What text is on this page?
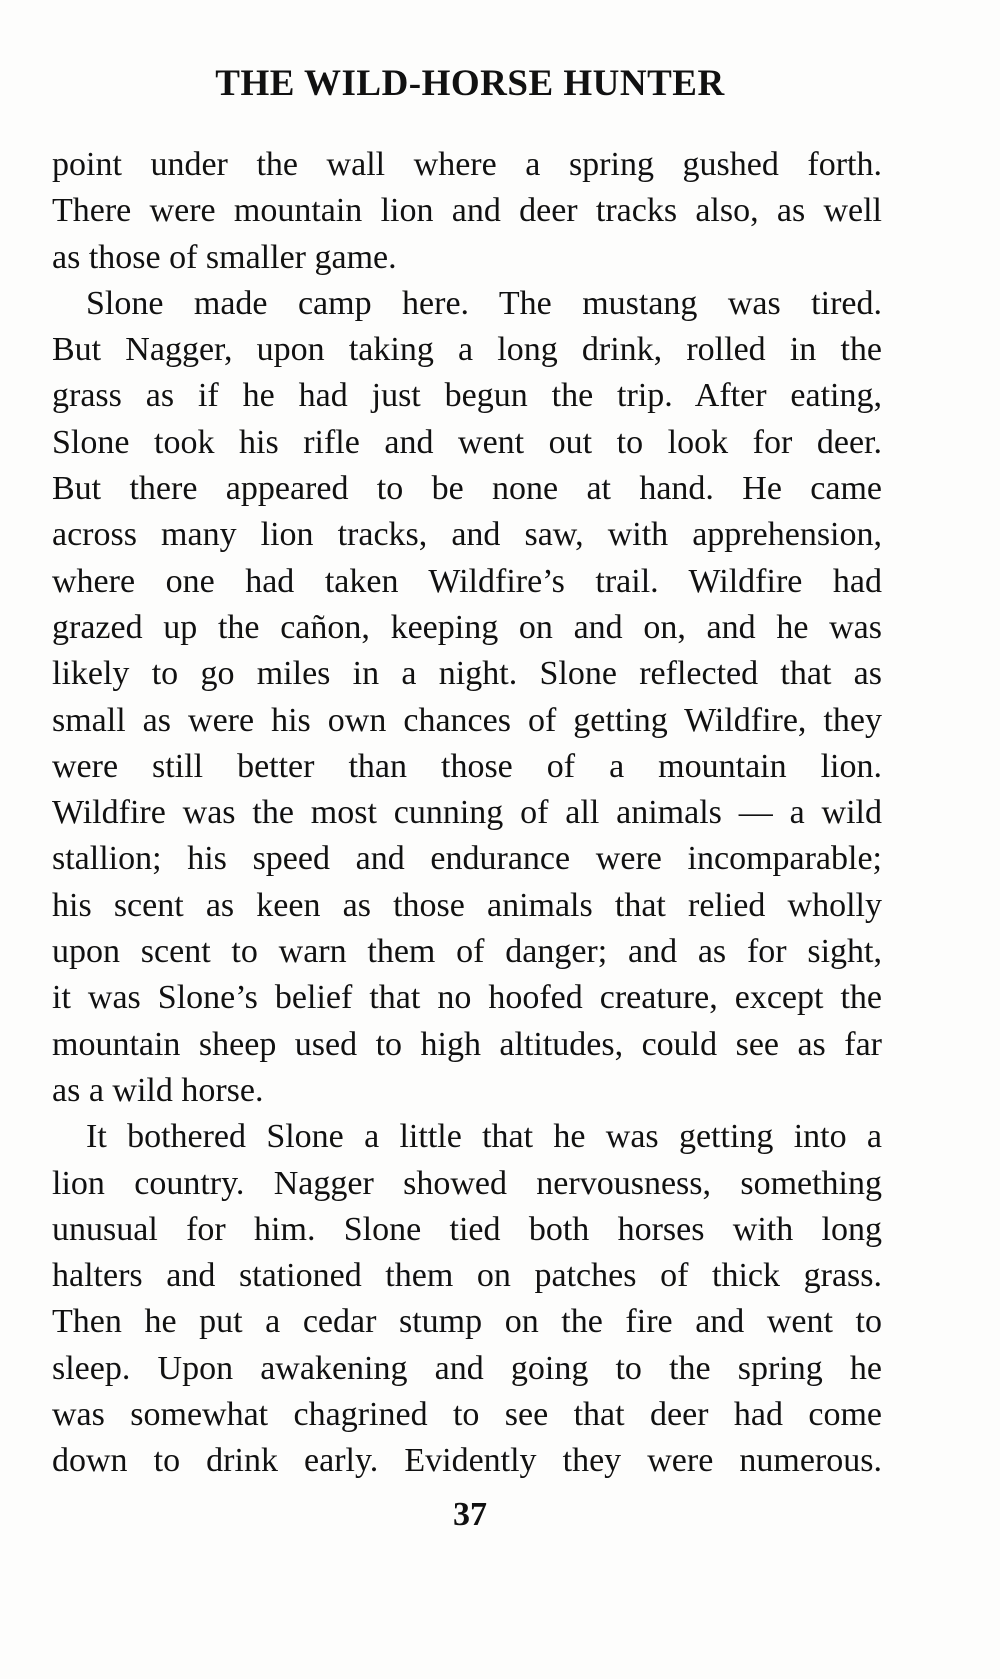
THE WILD-HORSE HUNTER

point under the wall where a spring gushed forth.

There were mountain lion and deer tracks also, as well

as those of smaller game.

Slone made camp here. The mustang was tired.

But Nagger, upon taking a long drink, rolled in the

grass as if he had just begun the trip. After eating,

Slone took his rifle and went out to look for deer.

But there appeared to be none at hand. He came

across many lion tracks, and saw, with apprehension,

where one had taken Wildfire’s trail. Wildfire had

grazed up the cañon, keeping on and on, and he was

likely to go miles in a night. Slone reflected that as

small as were his own chances of getting Wildfire, they

were still better than those of a mountain lion.

Wildfire was the most cunning of all animals — a wild

stallion; his speed and endurance were incomparable;

his scent as keen as those animals that relied wholly

upon scent to warn them of danger; and as for sight,

it was Slone’s belief that no hoofed creature, except the

mountain sheep used to high altitudes, could see as far

as a wild horse.

It bothered Slone a little that he was getting into a

lion country. Nagger showed nervousness, something

unusual for him. Slone tied both horses with long

halters and stationed them on patches of thick grass.

Then he put a cedar stump on the fire and went to

sleep. Upon awakening and going to the spring he

was somewhat chagrined to see that deer had come

down to drink early. Evidently they were numerous.

37
